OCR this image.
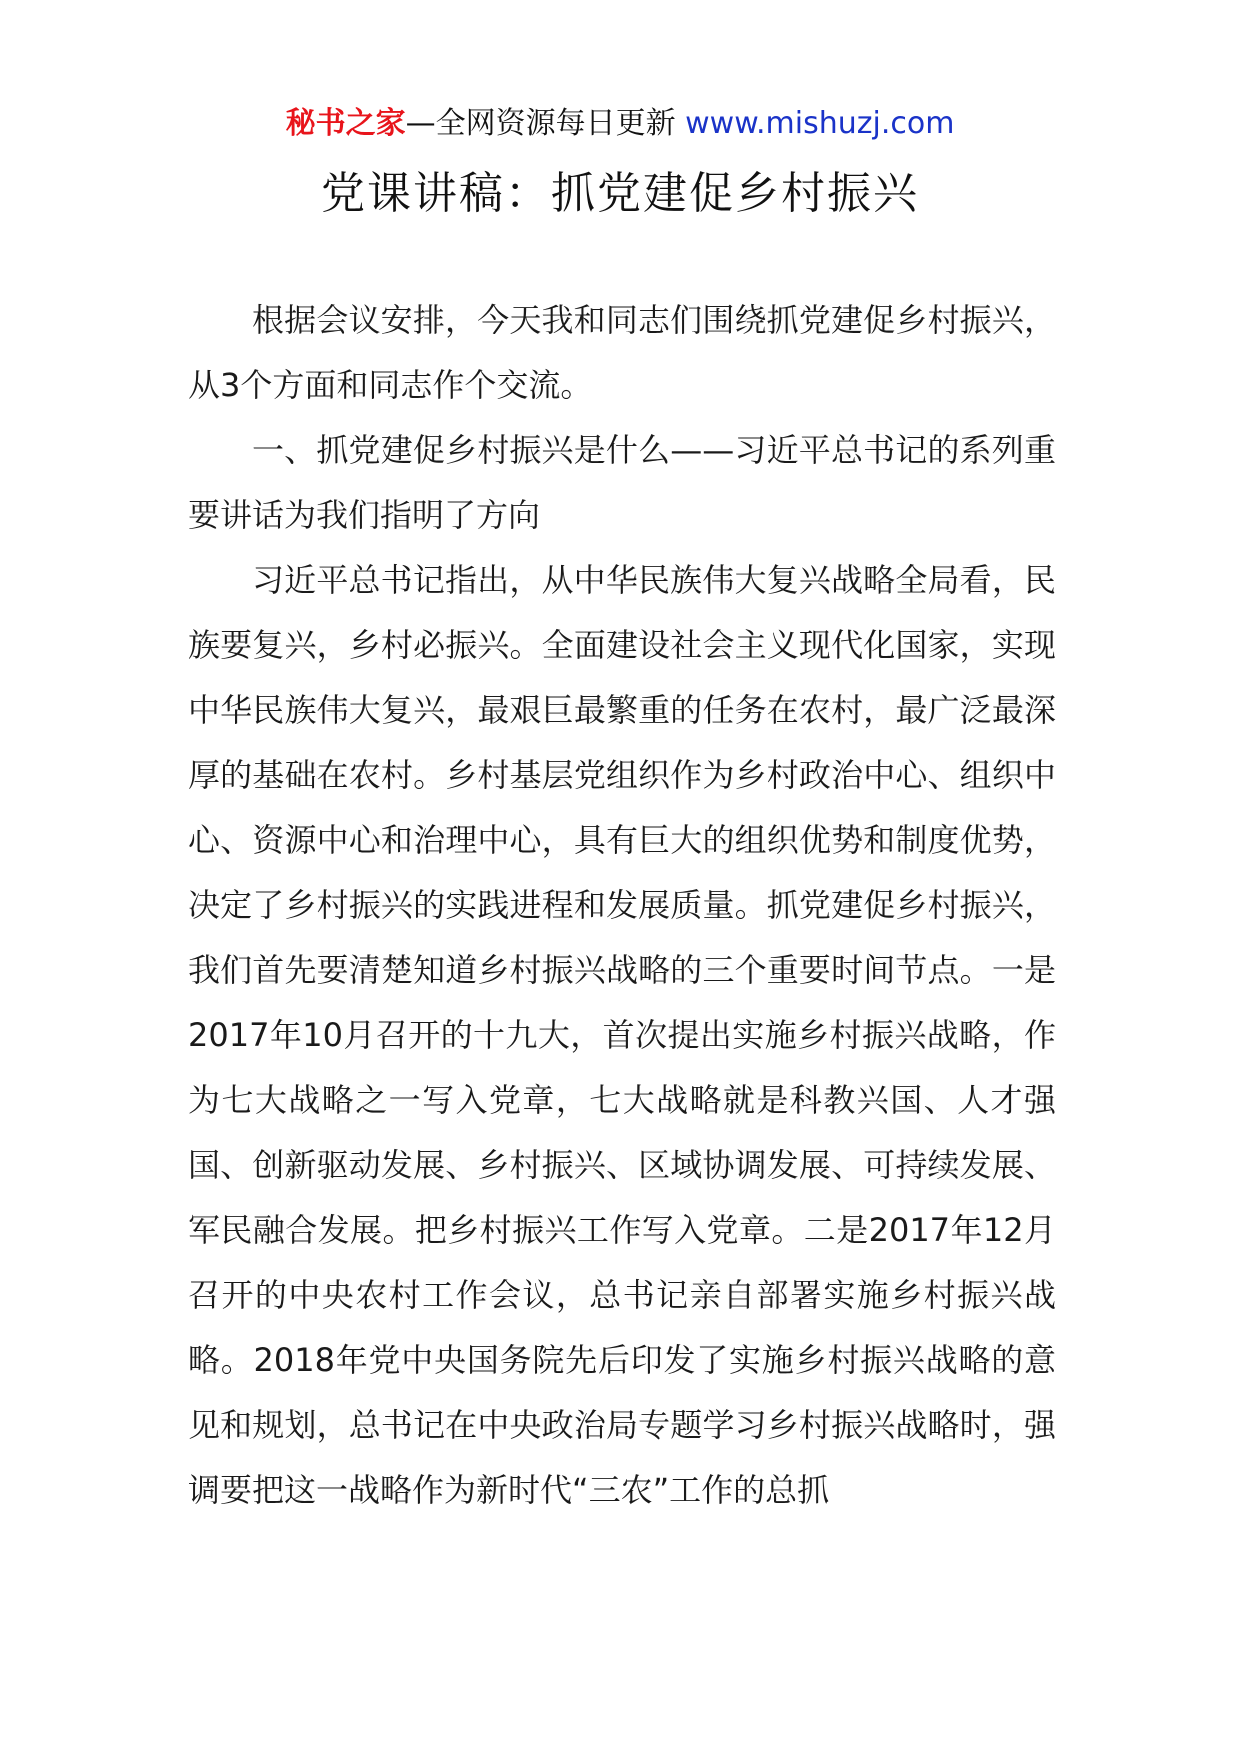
秘书之家—全网资源每日更新 www.mishuzj.com
党课讲稿：抓党建促乡村振兴

根据会议安排，今天我和同志们围绕抓党建促乡村振兴，从3个方面和同志作个交流。

一、抓党建促乡村振兴是什么——习近平总书记的系列重要讲话为我们指明了方向

习近平总书记指出，从中华民族伟大复兴战略全局看，民族要复兴，乡村必振兴。全面建设社会主义现代化国家，实现中华民族伟大复兴，最艰巨最繁重的任务在农村，最广泛最深厚的基础在农村。乡村基层党组织作为乡村政治中心、组织中心、资源中心和治理中心，具有巨大的组织优势和制度优势，决定了乡村振兴的实践进程和发展质量。抓党建促乡村振兴，我们首先要清楚知道乡村振兴战略的三个重要时间节点。一是2017年10月召开的十九大，首次提出实施乡村振兴战略，作为七大战略之一写入党章，七大战略就是科教兴国、人才强国、创新驱动发展、乡村振兴、区域协调发展、可持续发展、军民融合发展。把乡村振兴工作写入党章。二是2017年12月召开的中央农村工作会议，总书记亲自部署实施乡村振兴战略。2018年党中央国务院先后印发了实施乡村振兴战略的意见和规划，总书记在中央政治局专题学习乡村振兴战略时，强调要把这一战略作为新时代“三农”工作的总抓
